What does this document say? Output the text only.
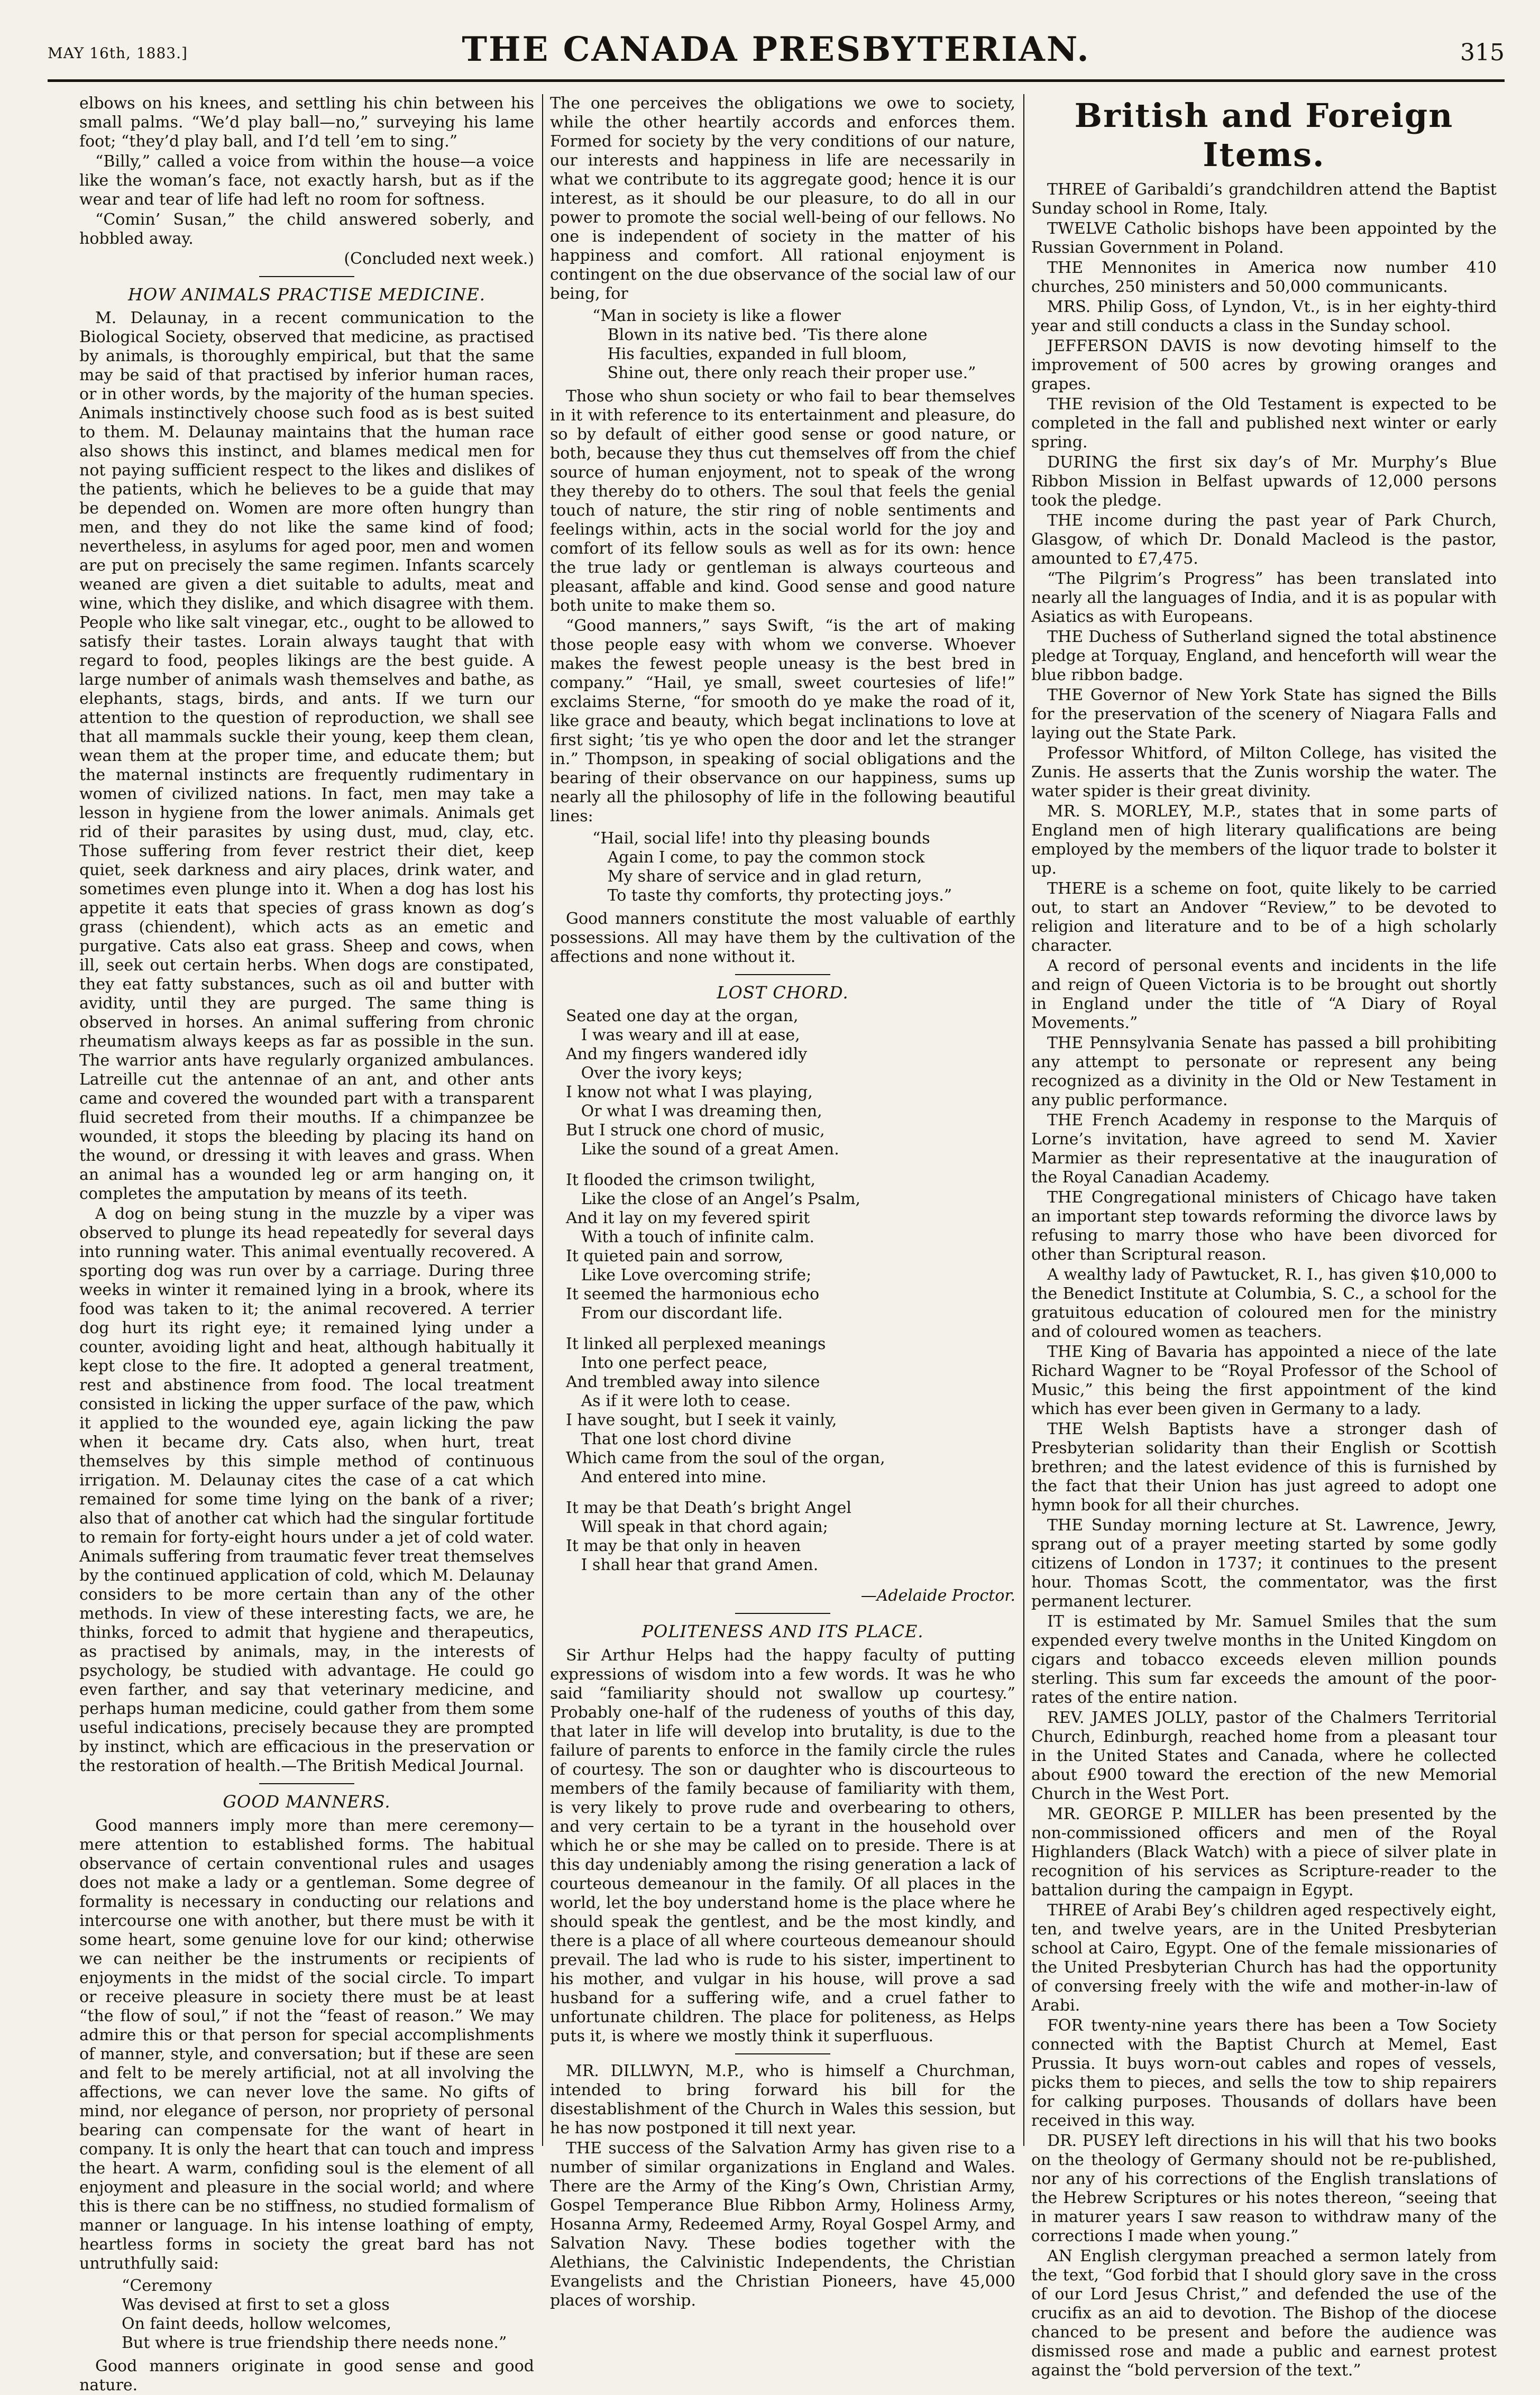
MAY 16th, 1883.]	THE CANADA PRESBYTERIAN.	315

elbows on his knees, and settling his chin between his small palms. “We’d play ball—no,” surveying his lame foot; “they’d play ball, and I’d tell ’em to sing.”

“Billy,” called a voice from within the house—a voice like the woman’s face, not exactly harsh, but as if the wear and tear of life had left no room for softness.

“Comin’ Susan,” the child answered soberly, and hobbled away.

(Concluded next week.)
HOW ANIMALS PRACTISE MEDICINE.

M. Delaunay, in a recent communication to the Biological Society, observed that medicine, as practised by animals, is thoroughly empirical, but that the same may be said of that practised by inferior human races, or in other words, by the majority of the human species. Animals instinctively choose such food as is best suited to them. M. Delaunay maintains that the human race also shows this instinct, and blames medical men for not paying sufficient respect to the likes and dislikes of the patients, which he believes to be a guide that may be depended on. Women are more often hungry than men, and they do not like the same kind of food; nevertheless, in asylums for aged poor, men and women are put on precisely the same regimen. Infants scarcely weaned are given a diet suitable to adults, meat and wine, which they dislike, and which disagree with them. People who like salt vinegar, etc., ought to be allowed to satisfy their tastes. Lorain always taught that with regard to food, peoples likings are the best guide. A large number of animals wash themselves and bathe, as elephants, stags, birds, and ants. If we turn our attention to the question of reproduction, we shall see that all mammals suckle their young, keep them clean, wean them at the proper time, and educate them; but the maternal instincts are frequently rudimentary in women of civilized nations. In fact, men may take a lesson in hygiene from the lower animals. Animals get rid of their parasites by using dust, mud, clay, etc. Those suffering from fever restrict their diet, keep quiet, seek darkness and airy places, drink water, and sometimes even plunge into it. When a dog has lost his appetite it eats that species of grass known as dog’s grass (chiendent), which acts as an emetic and purgative. Cats also eat grass. Sheep and cows, when ill, seek out certain herbs. When dogs are constipated, they eat fatty substances, such as oil and butter with avidity, until they are purged. The same thing is observed in horses. An animal suffering from chronic rheumatism always keeps as far as possible in the sun. The warrior ants have regularly organized ambulances. Latreille cut the antennae of an ant, and other ants came and covered the wounded part with a transparent fluid secreted from their mouths. If a chimpanzee be wounded, it stops the bleeding by placing its hand on the wound, or dressing it with leaves and grass. When an animal has a wounded leg or arm hanging on, it completes the amputation by means of its teeth.

A dog on being stung in the muzzle by a viper was observed to plunge its head repeatedly for several days into running water. This animal eventually recovered. A sporting dog was run over by a carriage. During three weeks in winter it remained lying in a brook, where its food was taken to it; the animal recovered. A terrier dog hurt its right eye; it remained lying under a counter, avoiding light and heat, although habitually it kept close to the fire. It adopted a general treatment, rest and abstinence from food. The local treatment consisted in licking the upper surface of the paw, which it applied to the wounded eye, again licking the paw when it became dry. Cats also, when hurt, treat themselves by this simple method of continuous irrigation. M. Delaunay cites the case of a cat which remained for some time lying on the bank of a river; also that of another cat which had the singular fortitude to remain for forty-eight hours under a jet of cold water. Animals suffering from traumatic fever treat themselves by the continued application of cold, which M. Delaunay considers to be more certain than any of the other methods. In view of these interesting facts, we are, he thinks, forced to admit that hygiene and therapeutics, as practised by animals, may, in the interests of psychology, be studied with advantage. He could go even farther, and say that veterinary medicine, and perhaps human medicine, could gather from them some useful indications, precisely because they are prompted by instinct, which are efficacious in the preservation or the restoration of health.—The British Medical Journal.

GOOD MANNERS.

Good manners imply more than mere ceremony—mere attention to established forms. The habitual observance of certain conventional rules and usages does not make a lady or a gentleman. Some degree of formality is necessary in conducting our relations and intercourse one with another, but there must be with it some heart, some genuine love for our kind; otherwise we can neither be the instruments or recipients of enjoyments in the midst of the social circle. To impart or receive pleasure in society there must be at least “the flow of soul,” if not the “feast of reason.” We may admire this or that person for special accomplishments of manner, style, and conversation; but if these are seen and felt to be merely artificial, not at all involving the affections, we can never love the same. No gifts of mind, nor elegance of person, nor propriety of personal bearing can compensate for the want of heart in company. It is only the heart that can touch and impress the heart. A warm, confiding soul is the element of all enjoyment and pleasure in the social world; and where this is there can be no stiffness, no studied formalism of manner or language. In his intense loathing of empty, heartless forms in society the great bard has not untruthfully said:

“Ceremony
Was devised at first to set a gloss
On faint deeds, hollow welcomes,
But where is true friendship there needs none.”

Good manners originate in good sense and good nature.

The one perceives the obligations we owe to society, while the other heartily accords and enforces them. Formed for society by the very conditions of our nature, our interests and happiness in life are necessarily in what we contribute to its aggregate good; hence it is our interest, as it should be our pleasure, to do all in our power to promote the social well-being of our fellows. No one is independent of society in the matter of his happiness and comfort. All rational enjoyment is contingent on the due observance of the social law of our being, for

“Man in society is like a flower
Blown in its native bed. ’Tis there alone
His faculties, expanded in full bloom,
Shine out, there only reach their proper use.”

Those who shun society or who fail to bear themselves in it with reference to its entertainment and pleasure, do so by default of either good sense or good nature, or both, because they thus cut themselves off from the chief source of human enjoyment, not to speak of the wrong they thereby do to others. The soul that feels the genial touch of nature, the stir ring of noble sentiments and feelings within, acts in the social world for the joy and comfort of its fellow souls as well as for its own: hence the true lady or gentleman is always courteous and pleasant, affable and kind. Good sense and good nature both unite to make them so.

“Good manners,” says Swift, “is the art of making those people easy with whom we converse. Whoever makes the fewest people uneasy is the best bred in company.” “Hail, ye small, sweet courtesies of life!” exclaims Sterne, “for smooth do ye make the road of it, like grace and beauty, which begat inclinations to love at first sight; ’tis ye who open the door and let the stranger in.” Thompson, in speaking of social obligations and the bearing of their observance on our happiness, sums up nearly all the philosophy of life in the following beautiful lines:

“Hail, social life! into thy pleasing bounds
Again I come, to pay the common stock
My share of service and in glad return,
To taste thy comforts, thy protecting joys.”

Good manners constitute the most valuable of earthly possessions. All may have them by the cultivation of the affections and none without it.

LOST CHORD.
Seated one day at the organ,
I was weary and ill at ease,
And my fingers wandered idly
Over the ivory keys;
I know not what I was playing,
Or what I was dreaming then,
But I struck one chord of music,
Like the sound of a great Amen.
It flooded the crimson twilight,
Like the close of an Angel’s Psalm,
And it lay on my fevered spirit
With a touch of infinite calm.
It quieted pain and sorrow,
Like Love overcoming strife;
It seemed the harmonious echo
From our discordant life.
It linked all perplexed meanings
Into one perfect peace,
And trembled away into silence
As if it were loth to cease.
I have sought, but I seek it vainly,
That one lost chord divine
Which came from the soul of the organ,
And entered into mine.
It may be that Death’s bright Angel
Will speak in that chord again;
It may be that only in heaven
I shall hear that grand Amen.
—Adelaide Proctor.
POLITENESS AND ITS PLACE.

Sir Arthur Helps had the happy faculty of putting expressions of wisdom into a few words. It was he who said “familiarity should not swallow up courtesy.” Probably one-half of the rudeness of youths of this day, that later in life will develop into brutality, is due to the failure of parents to enforce in the family circle the rules of courtesy. The son or daughter who is discourteous to members of the family because of familiarity with them, is very likely to prove rude and overbearing to others, and very certain to be a tyrant in the household over which he or she may be called on to preside. There is at this day undeniably among the rising generation a lack of courteous demeanour in the family. Of all places in the world, let the boy understand home is the place where he should speak the gentlest, and be the most kindly, and there is a place of all where courteous demeanour should prevail. The lad who is rude to his sister, impertinent to his mother, and vulgar in his house, will prove a sad husband for a suffering wife, and a cruel father to unfortunate children. The place for politeness, as Helps puts it, is where we mostly think it superfluous.

MR. DILLWYN, M.P., who is himself a Churchman, intended to bring forward his bill for the disestablishment of the Church in Wales this session, but he has now postponed it till next year.

THE success of the Salvation Army has given rise to a number of similar organizations in England and Wales. There are the Army of the King’s Own, Christian Army, Gospel Temperance Blue Ribbon Army, Holiness Army, Hosanna Army, Redeemed Army, Royal Gospel Army, and Salvation Navy. These bodies together with the Alethians, the Calvinistic Independents, the Christian Evangelists and the Christian Pioneers, have 45,000 places of worship.

British and Foreign Items.

THREE of Garibaldi’s grandchildren attend the Baptist Sunday school in Rome, Italy.

TWELVE Catholic bishops have been appointed by the Russian Government in Poland.

THE Mennonites in America now number 410 churches, 250 ministers and 50,000 communicants.

MRS. Philip Goss, of Lyndon, Vt., is in her eighty-third year and still conducts a class in the Sunday school.

JEFFERSON DAVIS is now devoting himself to the improvement of 500 acres by growing oranges and grapes.

THE revision of the Old Testament is expected to be completed in the fall and published next winter or early spring.

DURING the first six day’s of Mr. Murphy’s Blue Ribbon Mission in Belfast upwards of 12,000 persons took the pledge.

THE income during the past year of Park Church, Glasgow, of which Dr. Donald Macleod is the pastor, amounted to £7,475.

“The Pilgrim’s Progress” has been translated into nearly all the languages of India, and it is as popular with Asiatics as with Europeans.

THE Duchess of Sutherland signed the total abstinence pledge at Torquay, England, and henceforth will wear the blue ribbon badge.

THE Governor of New York State has signed the Bills for the preservation of the scenery of Niagara Falls and laying out the State Park.

Professor Whitford, of Milton College, has visited the Zunis. He asserts that the Zunis worship the water. The water spider is their great divinity.

MR. S. MORLEY, M.P., states that in some parts of England men of high literary qualifications are being employed by the members of the liquor trade to bolster it up.

THERE is a scheme on foot, quite likely to be carried out, to start an Andover “Review,” to be devoted to religion and literature and to be of a high scholarly character.

A record of personal events and incidents in the life and reign of Queen Victoria is to be brought out shortly in England under the title of “A Diary of Royal Movements.”

THE Pennsylvania Senate has passed a bill prohibiting any attempt to personate or represent any being recognized as a divinity in the Old or New Testament in any public performance.

THE French Academy in response to the Marquis of Lorne’s invitation, have agreed to send M. Xavier Marmier as their representative at the inauguration of the Royal Canadian Academy.

THE Congregational ministers of Chicago have taken an important step towards reforming the divorce laws by refusing to marry those who have been divorced for other than Scriptural reason.

A wealthy lady of Pawtucket, R. I., has given $10,000 to the Benedict Institute at Columbia, S. C., a school for the gratuitous education of coloured men for the ministry and of coloured women as teachers.

THE King of Bavaria has appointed a niece of the late Richard Wagner to be “Royal Professor of the School of Music,” this being the first appointment of the kind which has ever been given in Germany to a lady.

THE Welsh Baptists have a stronger dash of Presbyterian solidarity than their English or Scottish brethren; and the latest evidence of this is furnished by the fact that their Union has just agreed to adopt one hymn book for all their churches.

THE Sunday morning lecture at St. Lawrence, Jewry, sprang out of a prayer meeting started by some godly citizens of London in 1737; it continues to the present hour. Thomas Scott, the commentator, was the first permanent lecturer.

IT is estimated by Mr. Samuel Smiles that the sum expended every twelve months in the United Kingdom on cigars and tobacco exceeds eleven million pounds sterling. This sum far exceeds the amount of the poor-rates of the entire nation.

REV. JAMES JOLLY, pastor of the Chalmers Territorial Church, Edinburgh, reached home from a pleasant tour in the United States and Canada, where he collected about £900 toward the erection of the new Memorial Church in the West Port.

MR. GEORGE P. MILLER has been presented by the non-commissioned officers and men of the Royal Highlanders (Black Watch) with a piece of silver plate in recognition of his services as Scripture-reader to the battalion during the campaign in Egypt.

THREE of Arabi Bey’s children aged respectively eight, ten, and twelve years, are in the United Presbyterian school at Cairo, Egypt. One of the female missionaries of the United Presbyterian Church has had the opportunity of conversing freely with the wife and mother-in-law of Arabi.

FOR twenty-nine years there has been a Tow Society connected with the Baptist Church at Memel, East Prussia. It buys worn-out cables and ropes of vessels, picks them to pieces, and sells the tow to ship repairers for calking purposes. Thousands of dollars have been received in this way.

DR. PUSEY left directions in his will that his two books on the theology of Germany should not be re-published, nor any of his corrections of the English translations of the Hebrew Scriptures or his notes thereon, “seeing that in maturer years I saw reason to withdraw many of the corrections I made when young.”

AN English clergyman preached a sermon lately from the text, “God forbid that I should glory save in the cross of our Lord Jesus Christ,” and defended the use of the crucifix as an aid to devotion. The Bishop of the diocese chanced to be present and before the audience was dismissed rose and made a public and earnest protest against the “bold perversion of the text.”
